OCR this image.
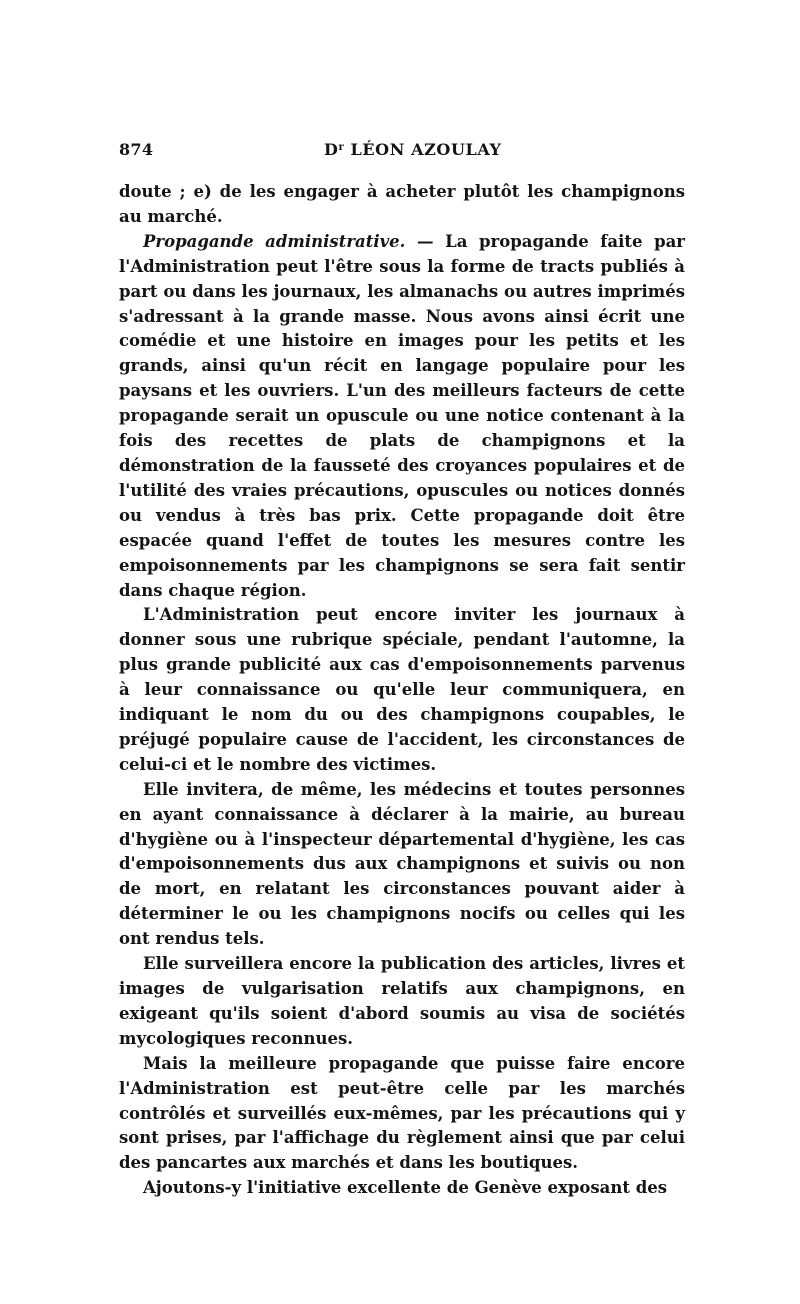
874	$D^r$ LÉON AZOULAY

doute ; e) de les engager à acheter plutôt les champignons au marché.

Propagande administrative. — La propagande faite par l'Administration peut l'être sous la forme de tracts publiés à part ou dans les journaux, les almanachs ou autres imprimés s'adressant à la grande masse. Nous avons ainsi écrit une comédie et une histoire en images pour les petits et les grands, ainsi qu'un récit en langage populaire pour les paysans et les ouvriers. L'un des meilleurs facteurs de cette propagande serait un opuscule ou une notice contenant à la fois des recettes de plats de champignons et la démonstration de la fausseté des croyances populaires et de l'utilité des vraies précautions, opuscules ou notices donnés ou vendus à très bas prix. Cette propagande doit être espacée quand l'effet de toutes les mesures contre les empoisonnements par les champignons se sera fait sentir dans chaque région.

L'Administration peut encore inviter les journaux à donner sous une rubrique spéciale, pendant l'automne, la plus grande publicité aux cas d'empoisonnements parvenus à leur connaissance ou qu'elle leur communiquera, en indiquant le nom du ou des champignons coupables, le préjugé populaire cause de l'accident, les circonstances de celui-ci et le nombre des victimes.

Elle invitera, de même, les médecins et toutes personnes en ayant connaissance à déclarer à la mairie, au bureau d'hygiène ou à l'inspecteur départemental d'hygiène, les cas d'empoisonnements dus aux champignons et suivis ou non de mort, en relatant les circonstances pouvant aider à déterminer le ou les champignons nocifs ou celles qui les ont rendus tels.

Elle surveillera encore la publication des articles, livres et images de vulgarisation relatifs aux champignons, en exigeant qu'ils soient d'abord soumis au visa de sociétés mycologiques reconnues.

Mais la meilleure propagande que puisse faire encore l'Administration est peut-être celle par les marchés contrôlés et surveillés eux-mêmes, par les précautions qui y sont prises, par l'affichage du règlement ainsi que par celui des pancartes aux marchés et dans les boutiques.

Ajoutons-y l'initiative excellente de Genève exposant des
